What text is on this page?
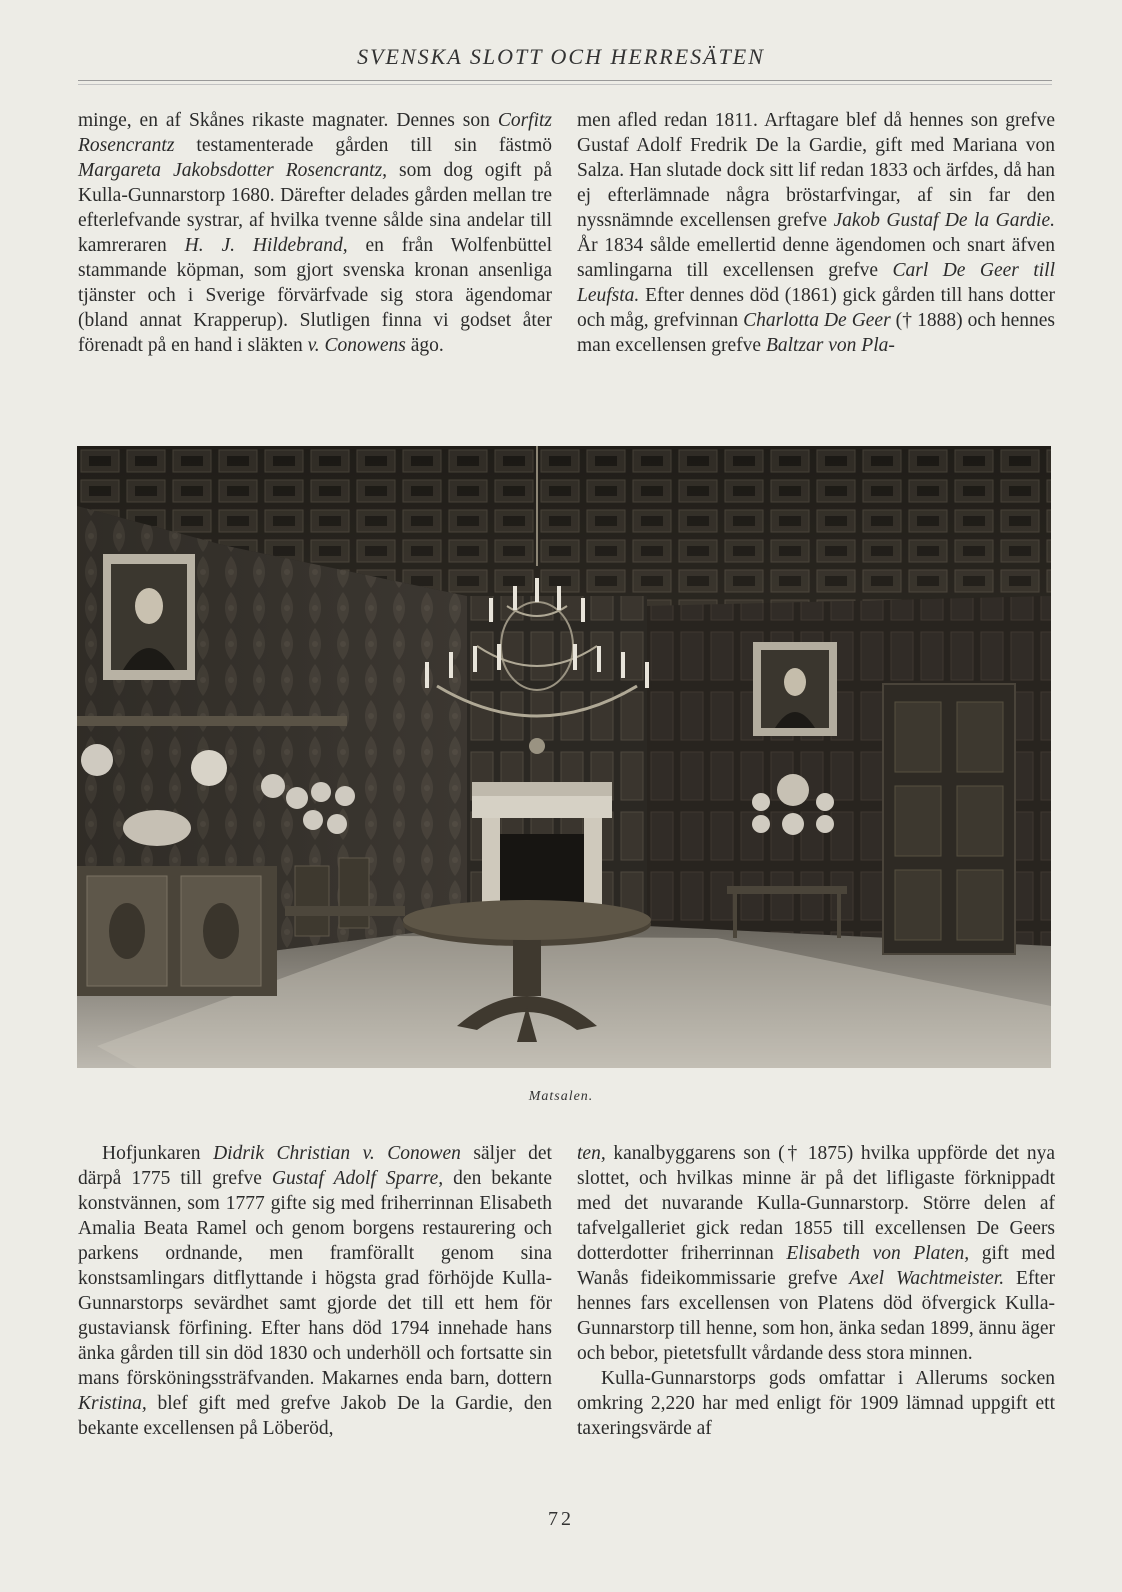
SVENSKA SLOTT OCH HERRESÄTEN

minge, en af Skånes rikaste magnater. Dennes son Corfitz Rosencrantz testamenterade gården till sin fästmö Margareta Jakobsdotter Rosencrantz, som dog ogift på Kulla-Gunnarstorp 1680. Därefter delades gården mellan tre efterlefvande systrar, af hvilka tvenne sålde sina andelar till kamreraren H. J. Hildebrand, en från Wolfenbüttel stammande köpman, som gjort svenska kronan ansenliga tjänster och i Sverige förvärfvade sig stora ägendomar (bland annat Krapperup). Slutligen finna vi godset åter förenadt på en hand i släkten v. Conowens ägo.

men afled redan 1811. Arftagare blef då hennes son grefve Gustaf Adolf Fredrik De la Gardie, gift med Mariana von Salza. Han slutade dock sitt lif redan 1833 och ärfdes, då han ej efterlämnade några bröstarfvingar, af sin far den nyssnämnde excellensen grefve Jakob Gustaf De la Gardie. År 1834 sålde emellertid denne ägendomen och snart äfven samlingarna till excellensen grefve Carl De Geer till Leufsta. Efter dennes död (1861) gick gården till hans dotter och måg, grefvinnan Charlotta De Geer († 1888) och hennes man excellensen grefve Baltzar von Pla-

Matsalen.

Hofjunkaren Didrik Christian v. Conowen säljer det därpå 1775 till grefve Gustaf Adolf Sparre, den bekante konstvännen, som 1777 gifte sig med friherrinnan Elisabeth Amalia Beata Ramel och genom borgens restaurering och parkens ordnande, men framförallt genom sina konstsamlingars ditflyttande i högsta grad förhöjde Kulla-Gunnarstorps sevärdhet samt gjorde det till ett hem för gustaviansk förfining. Efter hans död 1794 innehade hans änka gården till sin död 1830 och underhöll och fortsatte sin mans försköningssträfvanden. Makarnes enda barn, dottern Kristina, blef gift med grefve Jakob De la Gardie, den bekante excellensen på Löberöd,

ten, kanalbyggarens son († 1875) hvilka uppförde det nya slottet, och hvilkas minne är på det lifligaste förknippadt med det nuvarande Kulla-Gunnarstorp. Större delen af tafvelgalleriet gick redan 1855 till excellensen De Geers dotterdotter friherrinnan Elisabeth von Platen, gift med Wanås fideikommissarie grefve Axel Wachtmeister. Efter hennes fars excellensen von Platens död öfvergick Kulla-Gunnarstorp till henne, som hon, änka sedan 1899, ännu äger och bebor, pietetsfullt vårdande dess stora minnen.

Kulla-Gunnarstorps gods omfattar i Allerums socken omkring 2,220 har med enligt för 1909 lämnad uppgift ett taxeringsvärde af

72
